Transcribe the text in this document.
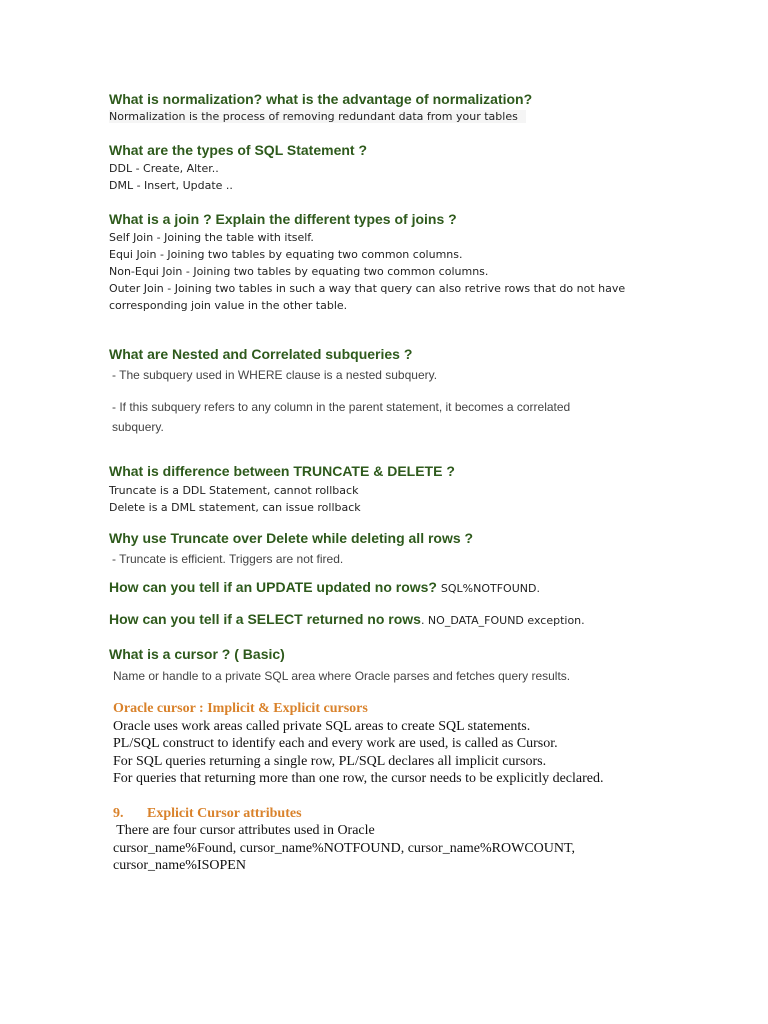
What is normalization? what is the advantage of normalization?
Normalization is the process of removing redundant data from your tables
What are the types of SQL Statement ?
DDL - Create, Alter..
DML - Insert, Update ..
What is a join ? Explain the different types of joins ?
Self Join - Joining the table with itself.
Equi Join - Joining two tables by equating two common columns.
Non-Equi Join - Joining two tables by equating two common columns.
Outer Join - Joining two tables in such a way that query can also retrive rows that do not have
corresponding join value in the other table.
What are Nested and Correlated subqueries ?
- The subquery used in WHERE clause is a nested subquery.
- If this subquery refers to any column in the parent statement, it becomes a correlated
subquery.
What is difference between TRUNCATE & DELETE ?
Truncate is a DDL Statement, cannot rollback
Delete is a DML statement, can issue rollback
Why use Truncate over Delete while deleting all rows ?
- Truncate is efficient. Triggers are not fired.
How can you tell if an UPDATE updated no rows? SQL%NOTFOUND.
How can you tell if a SELECT returned no rows. NO_DATA_FOUND exception.
What is a cursor ? ( Basic)
Name or handle to a private SQL area where Oracle parses and fetches query results.
Oracle cursor : Implicit & Explicit cursors
Oracle uses work areas called private SQL areas to create SQL statements.
PL/SQL construct to identify each and every work are used, is called as Cursor.
For SQL queries returning a single row, PL/SQL declares all implicit cursors.
For queries that returning more than one row, the cursor needs to be explicitly declared.
9. Explicit Cursor attributes
There are four cursor attributes used in Oracle
cursor_name%Found, cursor_name%NOTFOUND, cursor_name%ROWCOUNT,
cursor_name%ISOPEN
